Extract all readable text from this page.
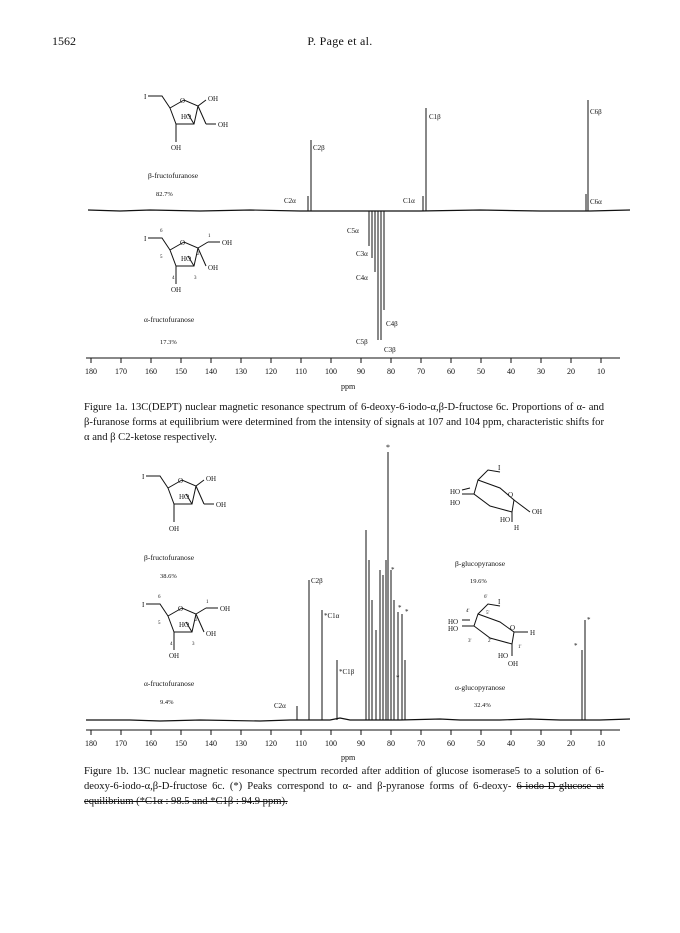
1562	P. Page et al.
O	OH
HO
OH
I
OH
β-fructofuranose
82.7%
O	OH
HO
OH
I
OH
6
1
2
5
4	3
α-fructofuranose
17.3%
C2α
C2β
C5α
C3α
C4α
C5β
C3β
C4β
C1α
C1β
C6β
C6α
180 170 160 150 140 130 120 110 100	90	80	70	60	50	40	30	20	10
ppm
O	OH
HO
OH
I
OH
β-fructofuranose
38.6%
O	OH
HO
OH
I
OH
6
1
2
5
4	3
α-fructofuranose
9.4%
HO
HO
O
OH
HO
H
I
β-glucopyranose
19.6%
HO
HO	O
H
HO
OH
I
6'
4'	5'
3'	2'
1'
α-glucopyranose
32.4%
C2β
*C1α
*C1β
C2α
*
*
* *
*
*
*
180 170 160 150 140 130 120 110 100	90	80	70	60	50	40	30	20	10
ppm
Figure 1a. 13C(DEPT) nuclear magnetic resonance spectrum of 6-deoxy-6-iodo-α,β-D-fructose 6c. Proportions of α- and β-furanose forms at equilibrium were determined from the intensity of signals at 107 and 104 ppm, characteristic shifts for α and β C2-ketose respectively.
Figure 1b. 13C nuclear magnetic resonance spectrum recorded after addition of glucose isomerase5 to a solution of 6-deoxy-6-iodo-α,β-D-fructose 6c. (*) Peaks correspond to α- and β-pyranose forms of 6-deoxy- 6-iodo-D-glucose at equilibrium (*C1α : 98.5 and *C1β : 94.9 ppm).
